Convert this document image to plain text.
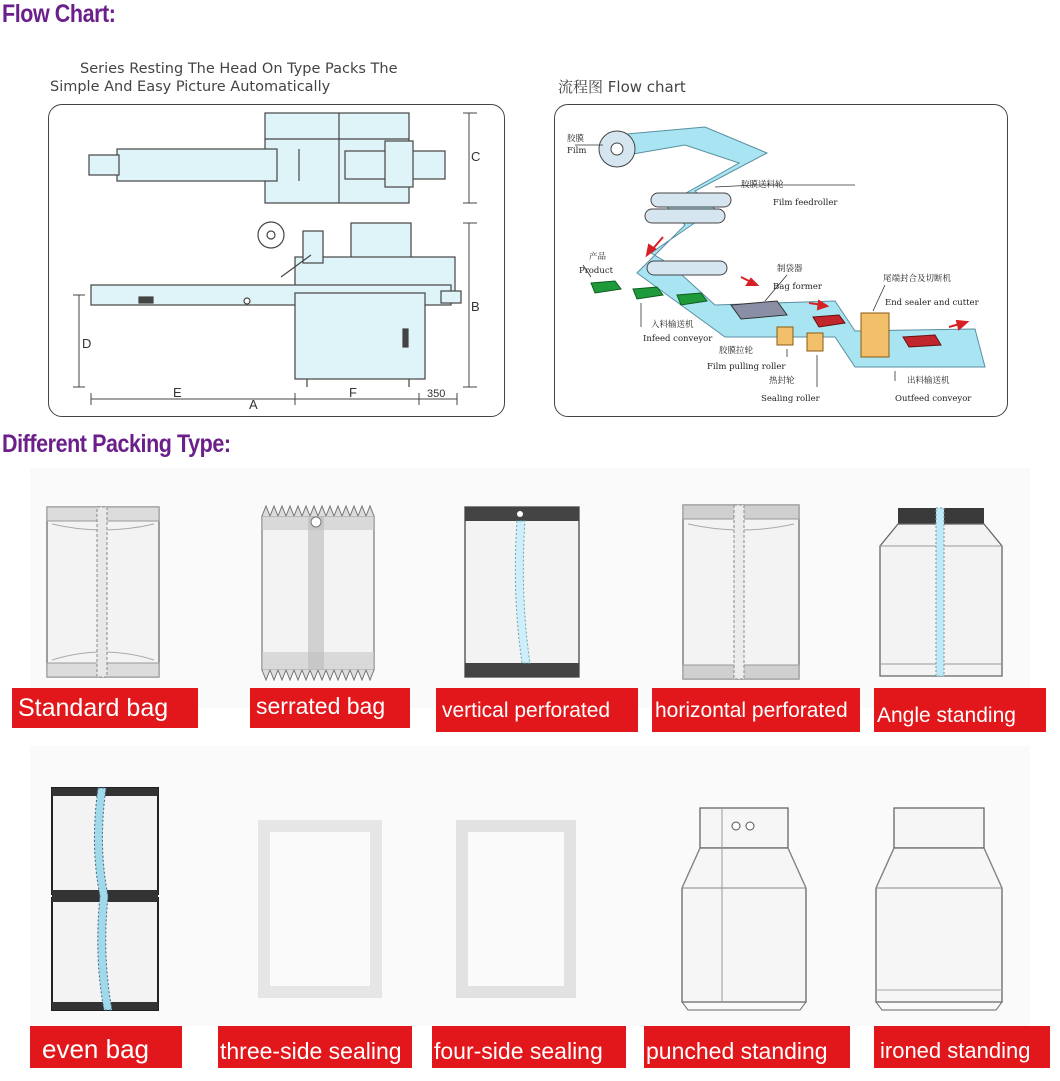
Flow Chart:
Series Resting The Head On Type Packs The
Simple And Easy Picture Automatically
C
B
D
E
A
F	350
流程图 Flow chart
胶膜
Film
胶膜送料轮
Film feedroller
产品
Product	制袋器
Bag former
尾端封合及切断机
End sealer and cutter
入料输送机
Infeed conveyor
胶膜拉轮
Film pulling roller
热封轮
Sealing roller
出料输送机
Outfeed conveyor
Different Packing Type:
Standard bag	serrated bag	vertical perforated	horizontal perforated	Angle standing
even bag	three-side sealing	four-side sealing	punched standing	ironed standing
